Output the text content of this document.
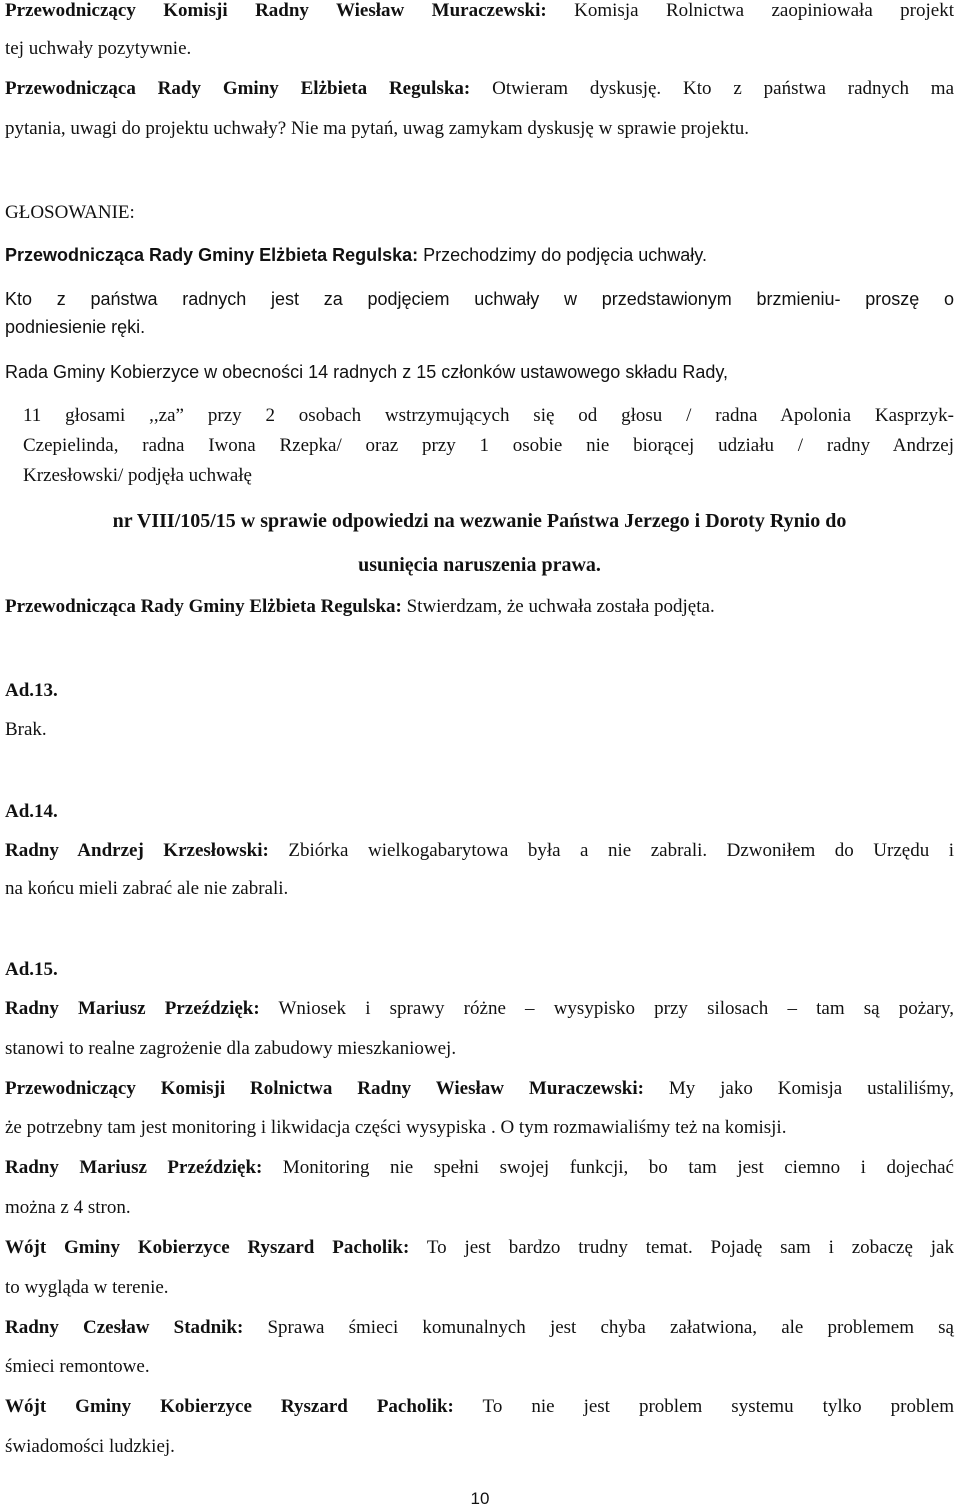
Przewodniczący Komisji Radny Wiesław Muraczewski: Komisja Rolnictwa zaopiniowała projekt
tej uchwały pozytywnie.
Przewodnicząca Rady Gminy Elżbieta Regulska: Otwieram dyskusję. Kto z państwa radnych ma
pytania, uwagi do projektu uchwały? Nie ma pytań, uwag zamykam dyskusję w sprawie projektu.
GŁOSOWANIE:
Przewodnicząca Rady Gminy Elżbieta Regulska: Przechodzimy do podjęcia uchwały.
Kto z państwa radnych jest za podjęciem uchwały w przedstawionym brzmieniu- proszę o
podniesienie ręki.
Rada Gminy Kobierzyce w obecności 14 radnych z 15 członków ustawowego składu Rady,
11 głosami ,,za” przy 2 osobach wstrzymujących się od głosu / radna Apolonia Kasprzyk-
Czepielinda, radna Iwona Rzepka/ oraz przy 1 osobie nie biorącej udziału / radny Andrzej
Krzesłowski/ podjęła uchwałę
nr VIII/105/15 w sprawie odpowiedzi na wezwanie Państwa Jerzego i Doroty Rynio do
usunięcia naruszenia prawa.
Przewodnicząca Rady Gminy Elżbieta Regulska: Stwierdzam, że uchwała została podjęta.
Ad.13.
Brak.
Ad.14.
Radny Andrzej Krzesłowski: Zbiórka wielkogabarytowa była a nie zabrali. Dzwoniłem do Urzędu i
na końcu mieli zabrać ale nie zabrali.
Ad.15.
Radny Mariusz Przeździęk: Wniosek i sprawy różne – wysypisko przy silosach – tam są pożary,
stanowi to realne zagrożenie dla zabudowy mieszkaniowej.
Przewodniczący Komisji Rolnictwa Radny Wiesław Muraczewski: My jako Komisja ustaliliśmy,
że potrzebny tam jest monitoring i likwidacja części wysypiska . O tym rozmawialiśmy też na komisji.
Radny Mariusz Przeździęk: Monitoring nie spełni swojej funkcji, bo tam jest ciemno i dojechać
można z 4 stron.
Wójt Gminy Kobierzyce Ryszard Pacholik: To jest bardzo trudny temat. Pojadę sam i zobaczę jak
to wygląda w terenie.
Radny Czesław Stadnik: Sprawa śmieci komunalnych jest chyba załatwiona, ale problemem są
śmieci remontowe.
Wójt Gminy Kobierzyce Ryszard Pacholik: To nie jest problem systemu tylko problem
świadomości ludzkiej.
10
